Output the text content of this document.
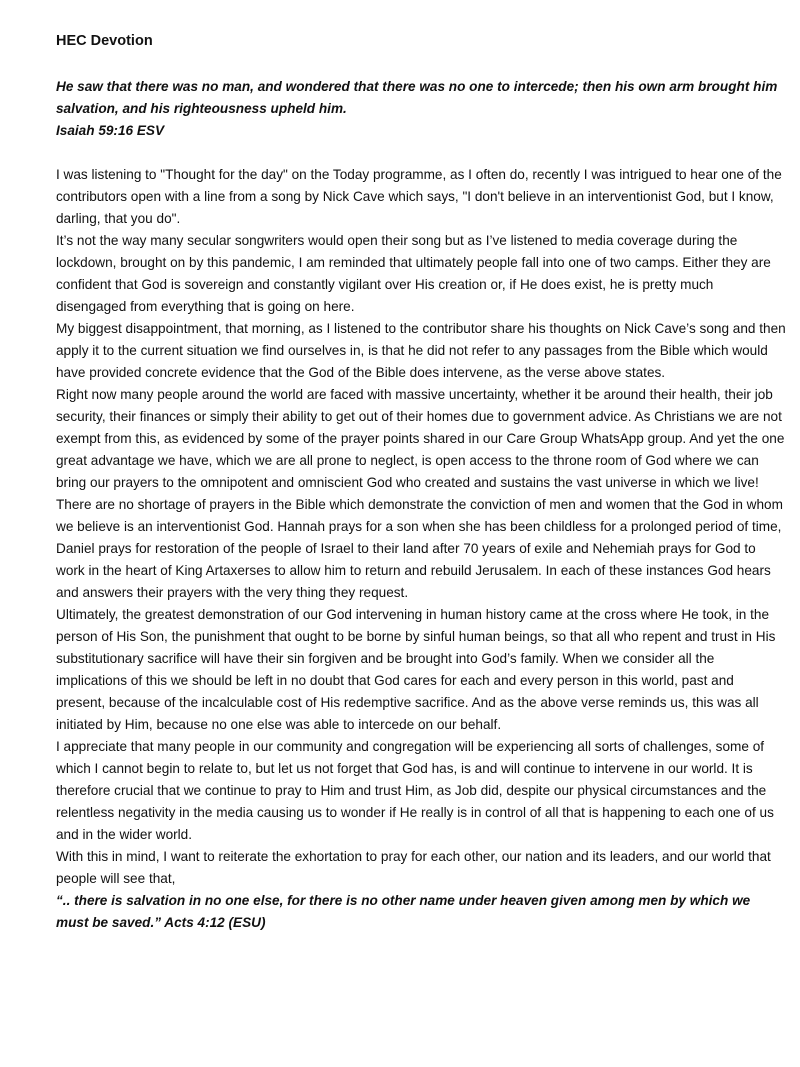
HEC Devotion

He saw that there was no man, and wondered that there was no one to intercede; then his own arm brought him salvation, and his righteousness upheld him.

Isaiah 59:16 ESV

I was listening to "Thought for the day" on the Today programme, as I often do, recently I was intrigued to hear one of the contributors open with a line from a song by Nick Cave which says, "I don't believe in an interventionist God, but I know, darling, that you do".

It’s not the way many secular songwriters would open their song but as I’ve listened to media coverage during the lockdown, brought on by this pandemic, I am reminded that ultimately people fall into one of two camps. Either they are confident that God is sovereign and constantly vigilant over His creation or, if He does exist, he is pretty much disengaged from everything that is going on here.

My biggest disappointment, that morning, as I listened to the contributor share his thoughts on Nick Cave’s song and then apply it to the current situation we find ourselves in, is that he did not refer to any passages from the Bible which would have provided concrete evidence that the God of the Bible does intervene, as the verse above states.

Right now many people around the world are faced with massive uncertainty, whether it be around their health, their job security, their finances or simply their ability to get out of their homes due to government advice. As Christians we are not exempt from this, as evidenced by some of the prayer points shared in our Care Group WhatsApp group. And yet the one great advantage we have, which we are all prone to neglect, is open access to the throne room of God where we can bring our prayers to the omnipotent and omniscient God who created and sustains the vast universe in which we live!

There are no shortage of prayers in the Bible which demonstrate the conviction of men and women that the God in whom we believe is an interventionist God. Hannah prays for a son when she has been childless for a prolonged period of time, Daniel prays for restoration of the people of Israel to their land after 70 years of exile and Nehemiah prays for God to work in the heart of King Artaxerses to allow him to return and rebuild Jerusalem. In each of these instances God hears and answers their prayers with the very thing they request.

Ultimately, the greatest demonstration of our God intervening in human history came at the cross where He took, in the person of His Son, the punishment that ought to be borne by sinful human beings, so that all who repent and trust in His substitutionary sacrifice will have their sin forgiven and be brought into God’s family. When we consider all the implications of this we should be left in no doubt that God cares for each and every person in this world, past and present, because of the incalculable cost of His redemptive sacrifice. And as the above verse reminds us, this was all initiated by Him, because no one else was able to intercede on our behalf.

I appreciate that many people in our community and congregation will be experiencing all sorts of challenges, some of which I cannot begin to relate to, but let us not forget that God has, is and will continue to intervene in our world. It is therefore crucial that we continue to pray to Him and trust Him, as Job did, despite our physical circumstances and the relentless negativity in the media causing us to wonder if He really is in control of all that is happening to each one of us and in the wider world.

With this in mind, I want to reiterate the exhortation to pray for each other, our nation and its leaders, and our world that people will see that,

“.. there is salvation in no one else, for there is no other name under heaven given among men by which we must be saved.” Acts 4:12 (ESU)
